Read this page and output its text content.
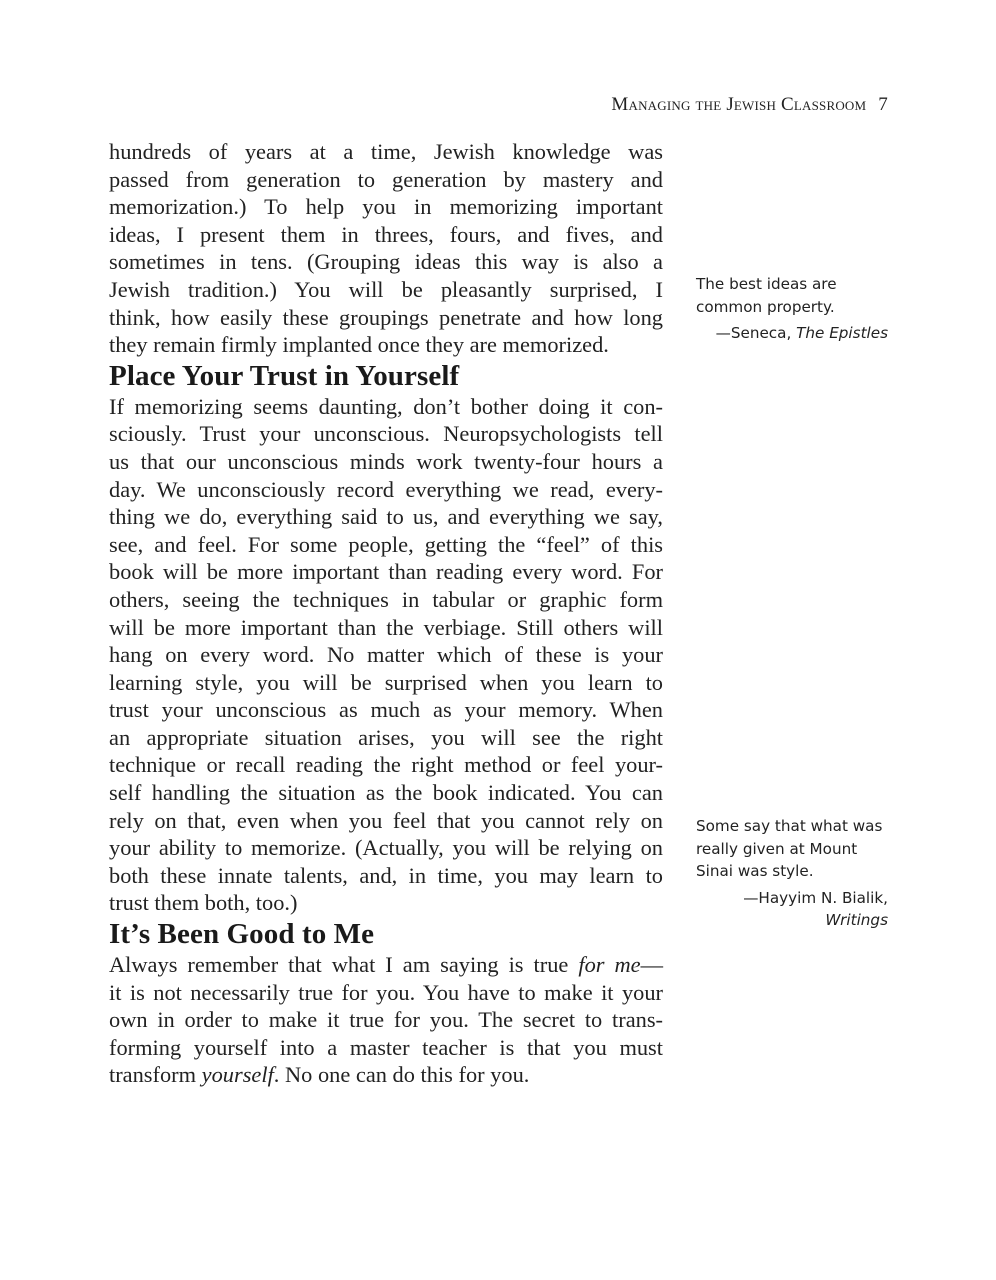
Managing the Jewish Classroom 7

hundreds of years at a time, Jewish knowledge was
passed from generation to generation by mastery and
memorization.) To help you in memorizing important
ideas, I present them in threes, fours, and fives, and
sometimes in tens. (Grouping ideas this way is also a
Jewish tradition.) You will be pleasantly surprised, I
think, how easily these groupings penetrate and how long
they remain firmly implanted once they are memorized.

Place Your Trust in Yourself

If memorizing seems daunting, don’t bother doing it con-
sciously. Trust your unconscious. Neuropsychologists tell
us that our unconscious minds work twenty-four hours a
day. We unconsciously record everything we read, every-
thing we do, everything said to us, and everything we say,
see, and feel. For some people, getting the “feel” of this
book will be more important than reading every word. For
others, seeing the techniques in tabular or graphic form
will be more important than the verbiage. Still others will
hang on every word. No matter which of these is your
learning style, you will be surprised when you learn to
trust your unconscious as much as your memory. When
an appropriate situation arises, you will see the right
technique or recall reading the right method or feel your-
self handling the situation as the book indicated. You can
rely on that, even when you feel that you cannot rely on
your ability to memorize. (Actually, you will be relying on
both these innate talents, and, in time, you may learn to
trust them both, too.)

It’s Been Good to Me

Always remember that what I am saying is true for me—
it is not necessarily true for you. You have to make it your
own in order to make it true for you. The secret to trans-
forming yourself into a master teacher is that you must
transform yourself. No one can do this for you.

The best ideas are
common property.
—Seneca, The Epistles
Some say that what was
really given at Mount
Sinai was style.
—Hayyim N. Bialik,
Writings
